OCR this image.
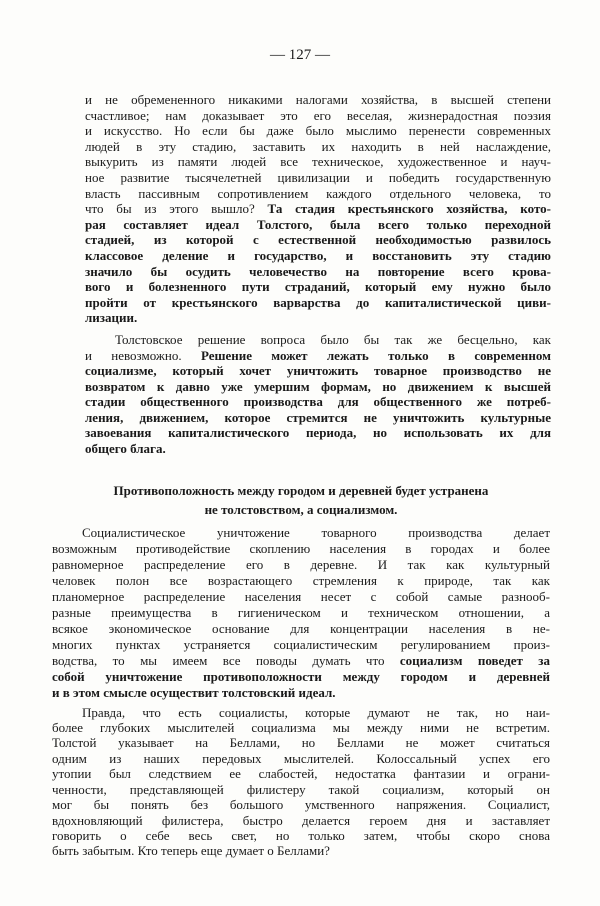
— 127 —
и не обремененного никакими налогами хозяйства, в высшей степени
счастливое; нам доказывает это его веселая, жизнерадостная поэзия
и искусство. Но если бы даже было мыслимо перенести современных
людей в эту стадию, заставить их находить в ней наслаждение,
выкурить из памяти людей все техническое, художественное и науч-
ное развитие тысячелетней цивилизации и победить государственную
власть пассивным сопротивлением каждого отдельного человека, то
что бы из этого вышло? Та стадия крестьянского хозяйства, кото-
рая составляет идеал Толстого, была всего только переходной
стадией, из которой с естественной необходимостью развилось
классовое деление и государство, и восстановить эту стадию
значило бы осудить человечество на повторение всего крова-
вого и болезненного пути страданий, который ему нужно было
пройти от крестьянского варварства до капиталистической циви-
лизации.
Толстовское решение вопроса было бы так же бесцельно, как
и невозможно. Решение может лежать только в современном
социализме, который хочет уничтожить товарное производство не
возвратом к давно уже умершим формам, но движением к высшей
стадии общественного производства для общественного же потреб-
ления, движением, которое стремится не уничтожить культурные
завоевания капиталистического периода, но использовать их для
общего блага.
Противоположность между городом и деревней будет устранена
не толстовством, а социализмом.
Социалистическое уничтожение товарного производства делает
возможным противодействие скоплению населения в городах и более
равномерное распределение его в деревне. И так как культурный
человек полон все возрастающего стремления к природе, так как
планомерное распределение населения несет с собой самые разнооб-
разные преимущества в гигиеническом и техническом отношении, а
всякое экономическое основание для концентрации населения в не-
многих пунктах устраняется социалистическим регулированием произ-
водства, то мы имеем все поводы думать что социализм поведет за
собой уничтожение противоположности между городом и деревней
и в этом смысле осуществит толстовский идеал.
Правда, что есть социалисты, которые думают не так, но наи-
более глубоких мыслителей социализма мы между ними не встретим.
Толстой указывает на Беллами, но Беллами не может считаться
одним из наших передовых мыслителей. Колоссальный успех его
утопии был следствием ее слабостей, недостатка фантазии и ограни-
ченности, представляющей филистеру такой социализм, который он
мог бы понять без большого умственного напряжения. Социалист,
вдохновляющий филистера, быстро делается героем дня и заставляет
говорить о себе весь свет, но только затем, чтобы скоро снова
быть забытым. Кто теперь еще думает о Беллами?
